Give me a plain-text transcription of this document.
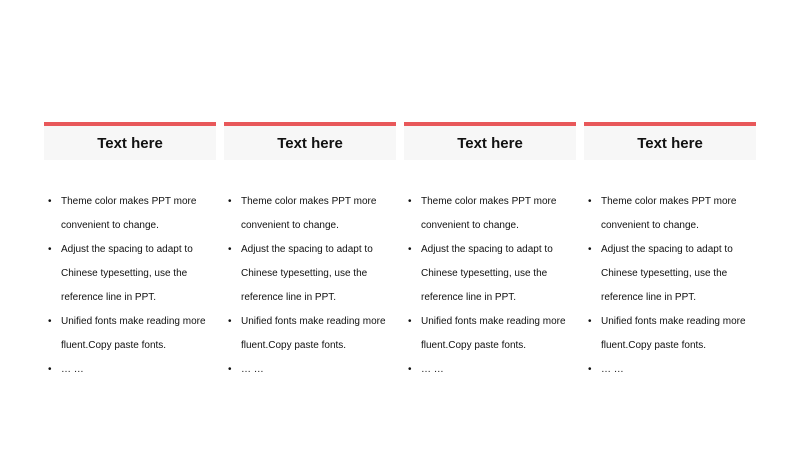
Text here
• Theme color makes PPT more convenient to change.
• Adjust the spacing to adapt to Chinese typesetting, use the reference line in PPT.
• Unified fonts make reading more fluent.Copy paste fonts.
• … …
Text here
• Theme color makes PPT more convenient to change.
• Adjust the spacing to adapt to Chinese typesetting, use the reference line in PPT.
• Unified fonts make reading more fluent.Copy paste fonts.
• … …
Text here
• Theme color makes PPT more convenient to change.
• Adjust the spacing to adapt to Chinese typesetting, use the reference line in PPT.
• Unified fonts make reading more fluent.Copy paste fonts.
• … …
Text here
• Theme color makes PPT more convenient to change.
• Adjust the spacing to adapt to Chinese typesetting, use the reference line in PPT.
• Unified fonts make reading more fluent.Copy paste fonts.
• … …
